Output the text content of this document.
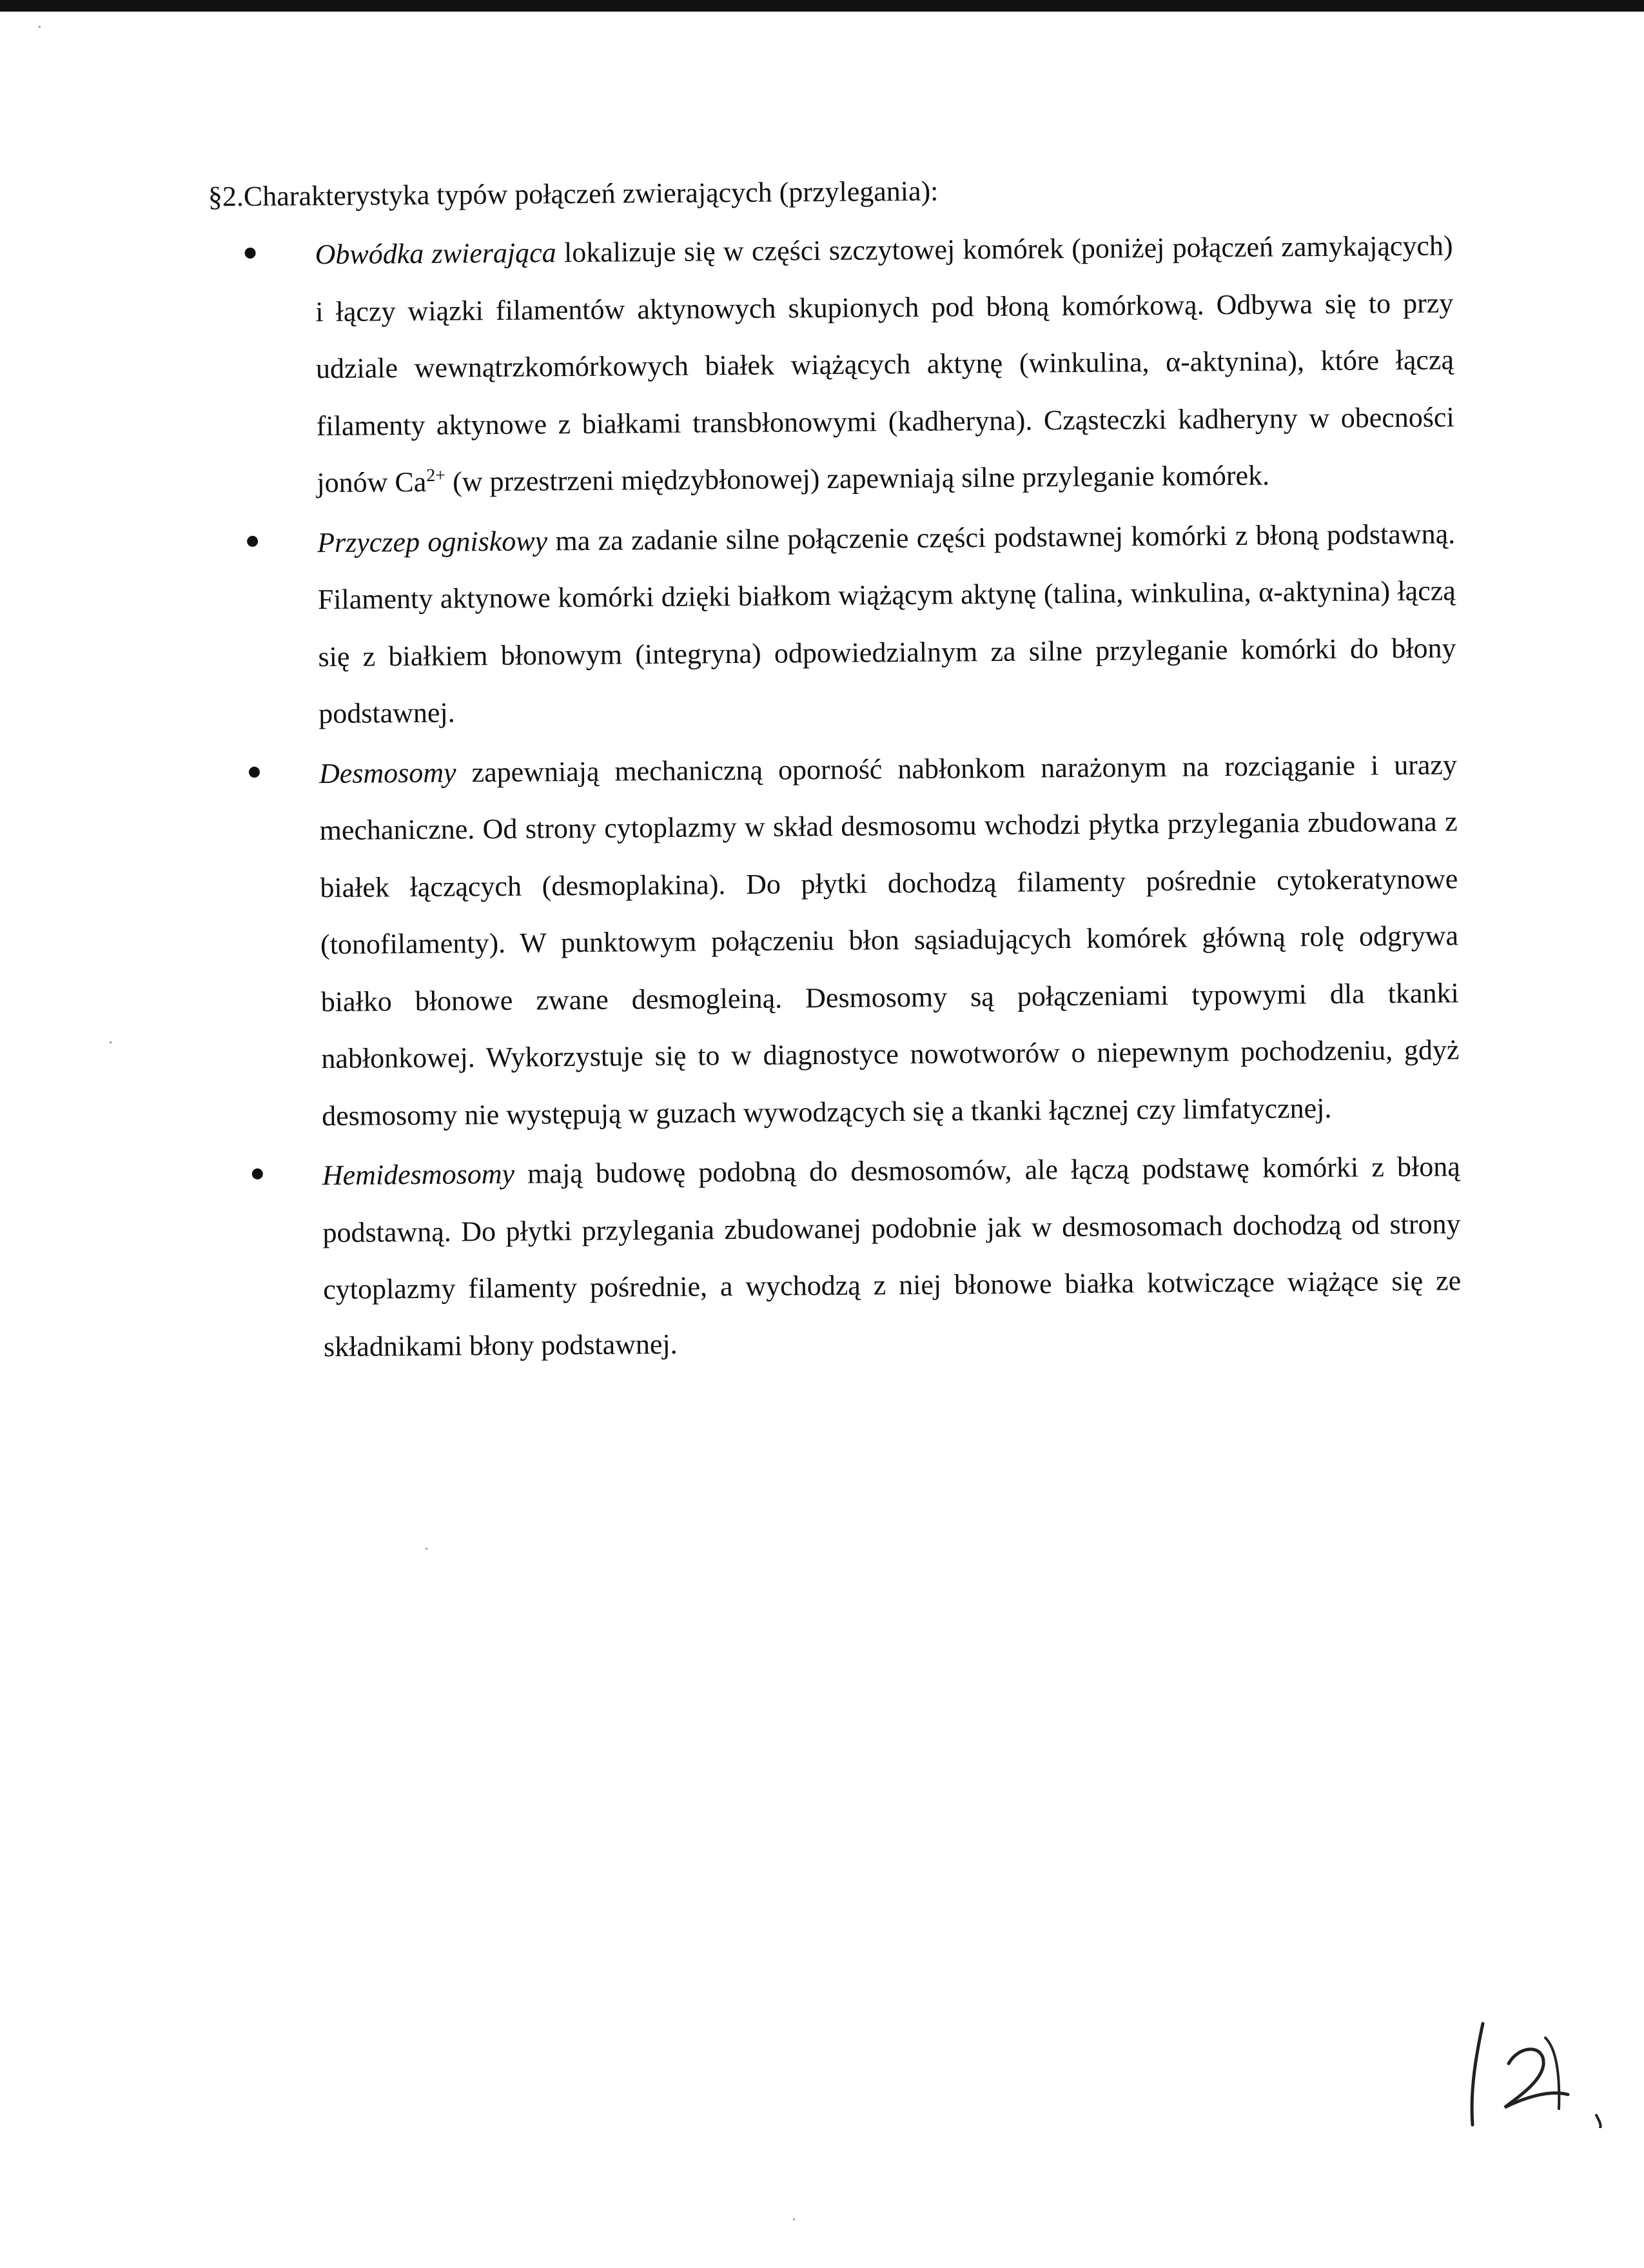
§2.Charakterystyka typów połączeń zwierających (przylegania):
Obwódka zwierająca lokalizuje się w części szczytowej komórek (poniżej połączeń zamykających) i łączy wiązki filamentów aktynowych skupionych pod błoną komórkową. Odbywa się to przy udziale wewnątrzkomórkowych białek wiążących aktynę (winkulina, α-aktynina), które łączą filamenty aktynowe z białkami transbłonowymi (kadheryna). Cząsteczki kadheryny w obecności jonów $Ca^{2+}$ (w przestrzeni międzybłonowej) zapewniają silne przyleganie komórek.
Przyczep ogniskowy ma za zadanie silne połączenie części podstawnej komórki z błoną podstawną. Filamenty aktynowe komórki dzięki białkom wiążącym aktynę (talina, winkulina, α-aktynina) łączą się z białkiem błonowym (integryna) odpowiedzialnym za silne przyleganie komórki do błony podstawnej.
Desmosomy zapewniają mechaniczną oporność nabłonkom narażonym na rozciąganie i urazy mechaniczne. Od strony cytoplazmy w skład desmosomu wchodzi płytka przylegania zbudowana z białek łączących (desmoplakina). Do płytki dochodzą filamenty pośrednie cytokeratynowe (tonofilamenty). W punktowym połączeniu błon sąsiadujących komórek główną rolę odgrywa białko błonowe zwane desmogleiną. Desmosomy są połączeniami typowymi dla tkanki nabłonkowej. Wykorzystuje się to w diagnostyce nowotworów o niepewnym pochodzeniu, gdyż desmosomy nie występują w guzach wywodzących się a tkanki łącznej czy limfatycznej.
Hemidesmosomy mają budowę podobną do desmosomów, ale łączą podstawę komórki z błoną podstawną. Do płytki przylegania zbudowanej podobnie jak w desmosomach dochodzą od strony cytoplazmy filamenty pośrednie, a wychodzą z niej błonowe białka kotwiczące wiążące się ze składnikami błony podstawnej.
